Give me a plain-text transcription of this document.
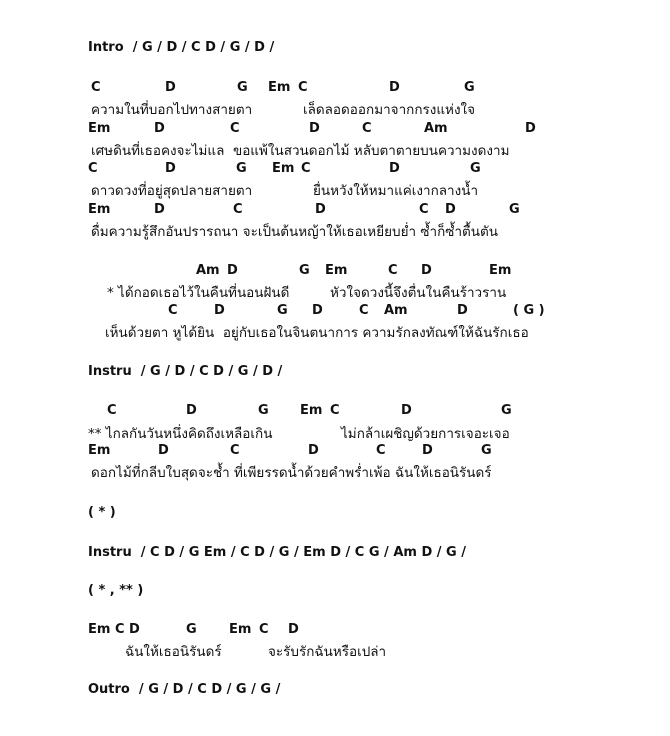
Intro  / G / D / C D / G / D /
C	D	G Em C	D	G
ความในที่บอกไปทางสายตา	เล็ดลอดออกมาจากกรงแห่งใจ
Em	D	C	D	C	Am	D
เศษดินที่เธอคงจะไม่แล  ขอแพ้ในสวนดอกไม้ หลับตาตายบนความงดงาม
C	D	G Em C	D	G
ดาวดวงที่อยู่สุดปลายสายตา	ยื่นหวังให้หมาแค่เงากลางน้ำ
Em	D	C	D	C D	G
ดื่มความรู้สึกอันปรารถนา จะเป็นต้นหญ้าให้เธอเหยียบย่ำ ซ้ำก็ซ้ำตื้นตัน
Am D	G Em	C D	Em
* ได้กอดเธอไว้ในคืนที่นอนฝันดี	หัวใจดวงนี้จึงตื่นในคืนร้าวราน
C	D	G D	C Am	D	( G )
เห็นด้วยตา หูได้ยิน  อยู่กับเธอในจินตนาการ ความรักลงทัณฑ์ให้ฉันรักเธอ
Instru  / G / D / C D / G / D /
C	D	G Em C	D	G
** ไกลกันวันหนึ่งคิดถึงเหลือเกิน	ไม่กล้าเผชิญด้วยการเจอะเจอ
Em	D	C	D	C	D	G
ดอกไม้ที่กลีบใบสุดจะช้ำ ที่เพียรรดน้ำด้วยคำพร่ำเพ้อ ฉันให้เธอนิรันดร์
( * )
Instru  / C D / G Em / C D / G / Em D / C G / Am D / G /
( * , ** )
Em C D	G Em C D
ฉันให้เธอนิรันดร์	จะรับรักฉันหรือเปล่า
Outro  / G / D / C D / G / G /
